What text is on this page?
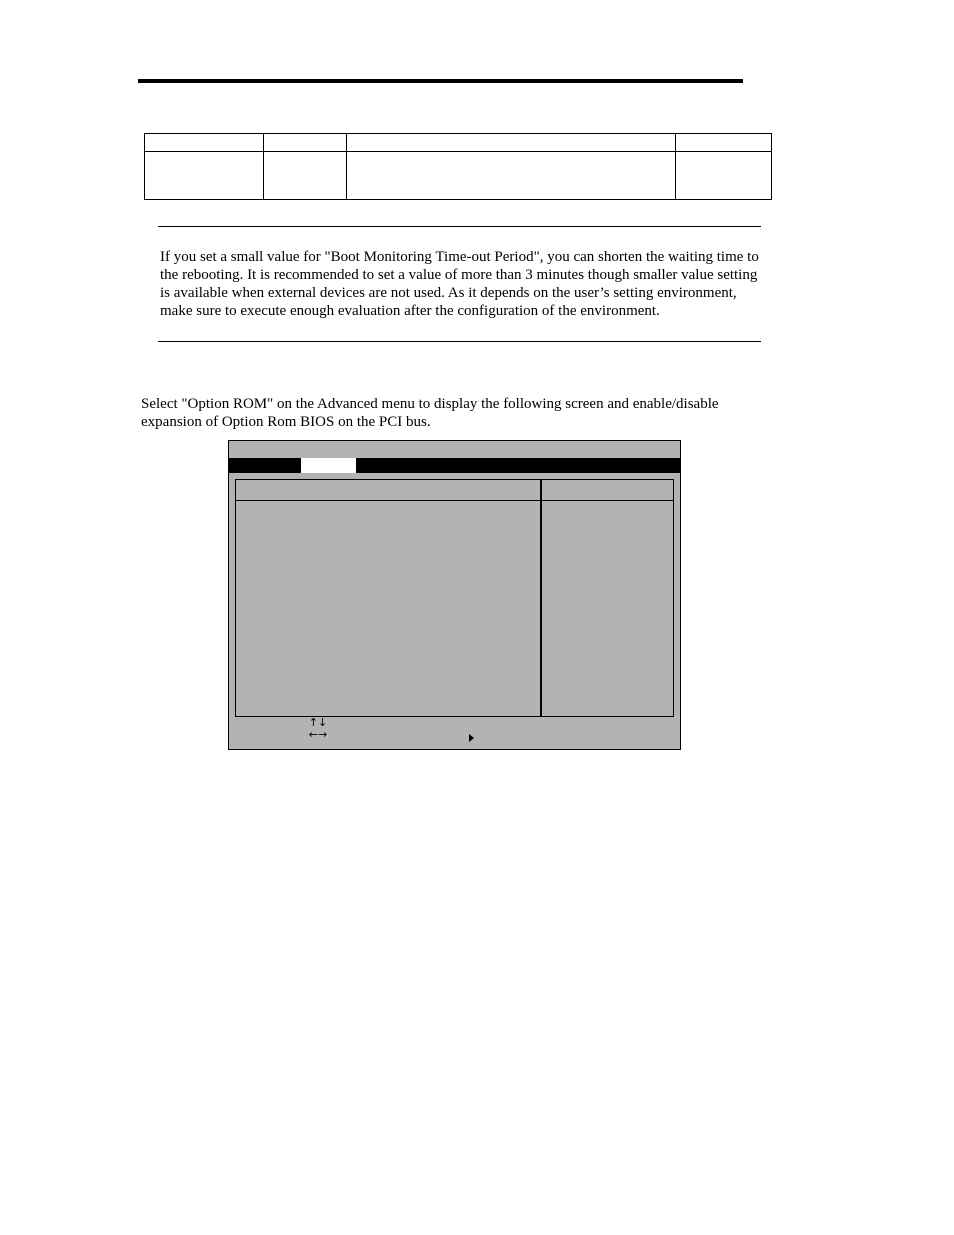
If you set a small value for "Boot Monitoring Time-out Period", you can shorten the waiting time to the rebooting. It is recommended to set a value of more than 3 minutes though smaller value setting is available when external devices are not used. As it depends on the user’s setting environment, make sure to execute enough evaluation after the configuration of the environment.

Select "Option ROM" on the Advanced menu to display the following screen and enable/disable expansion of Option Rom BIOS on the PCI bus.

↑↓
←→
